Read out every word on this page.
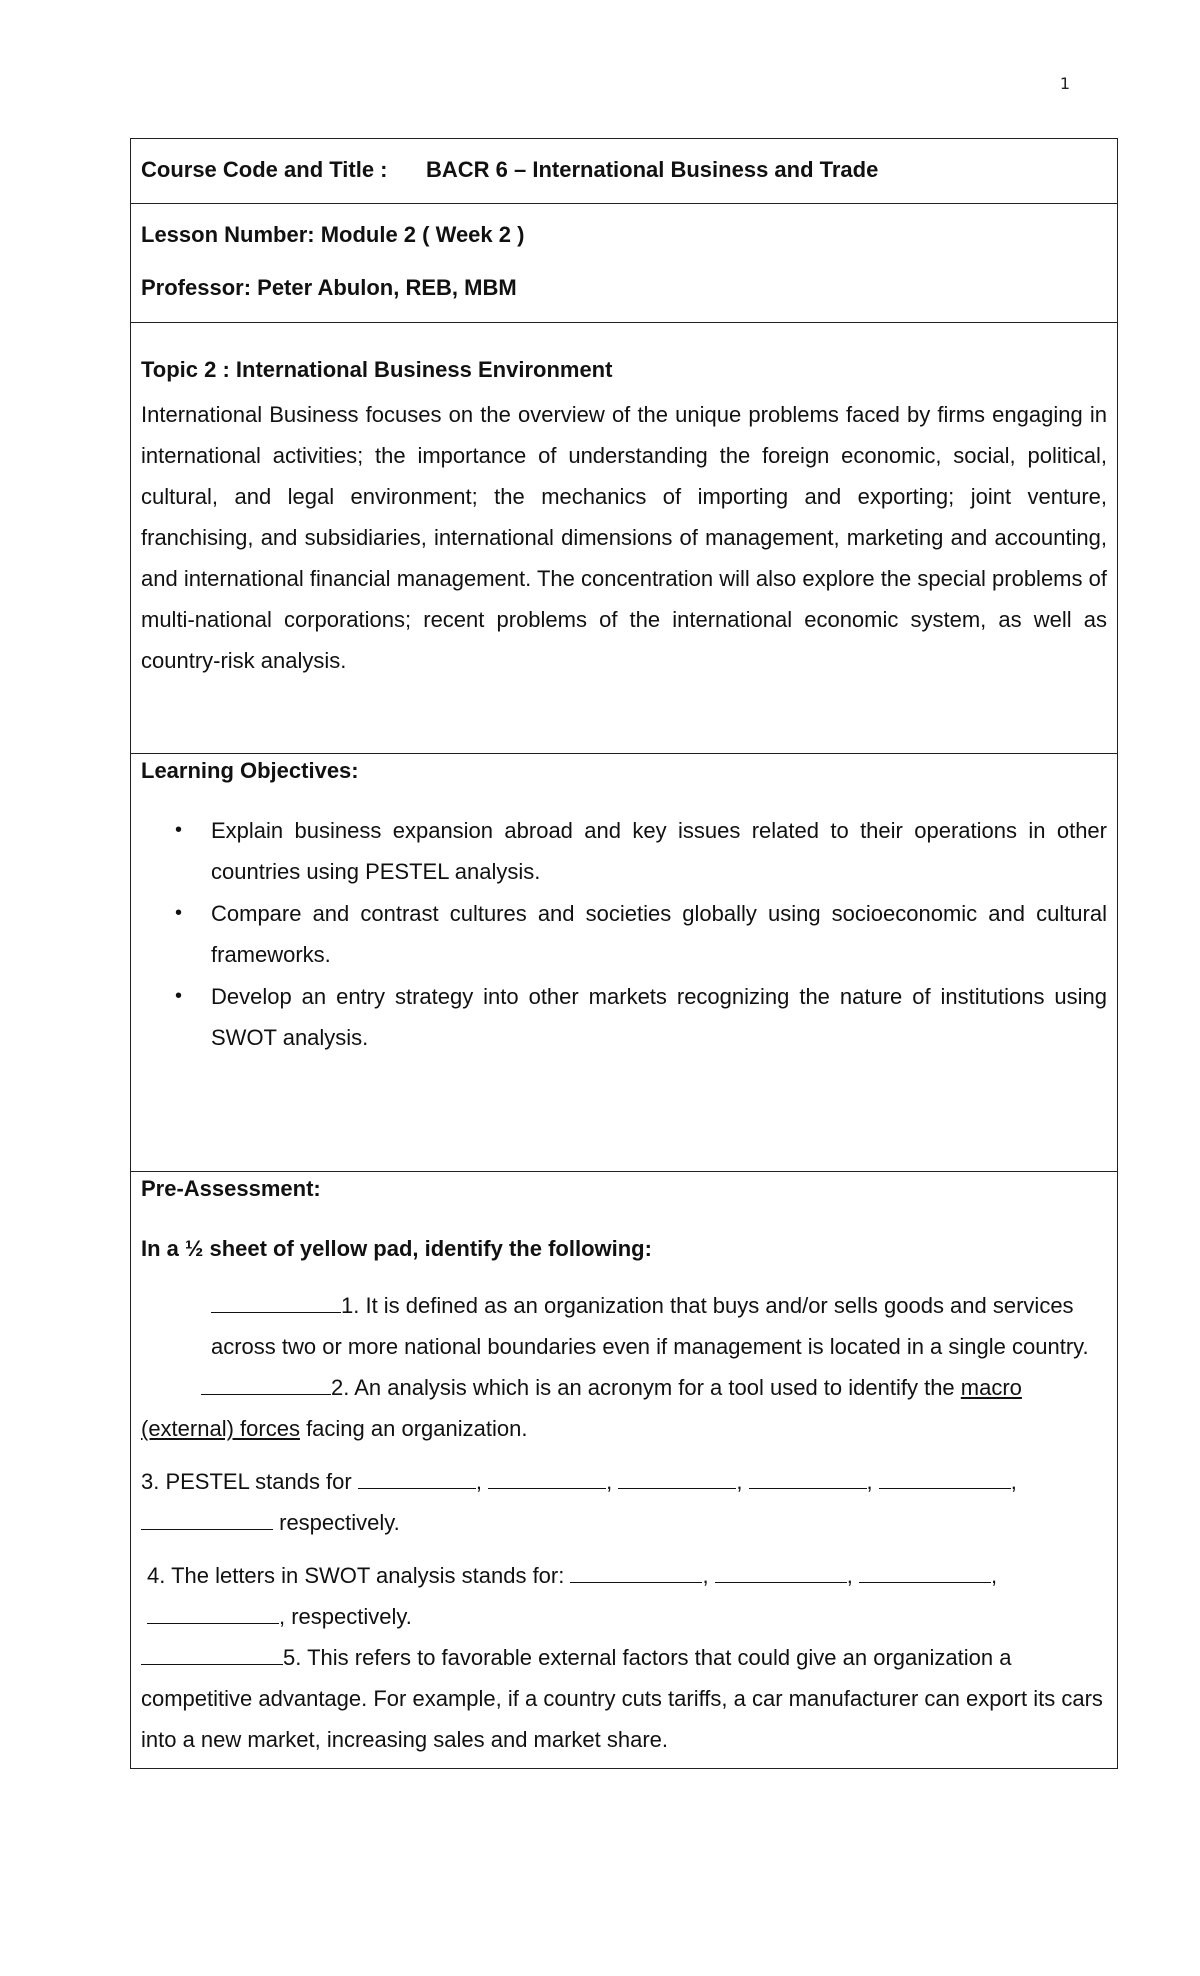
1
Course Code and Title : BACR 6 – International Business and Trade
Lesson Number: Module 2 ( Week 2 )
Professor: Peter Abulon, REB, MBM
Topic 2 : International Business Environment

International Business focuses on the overview of the unique problems faced by firms engaging in international activities; the importance of understanding the foreign economic, social, political, cultural, and legal environment; the mechanics of importing and exporting; joint venture, franchising, and subsidiaries, international dimensions of management, marketing and accounting, and international financial management. The concentration will also explore the special problems of multi-national corporations; recent problems of the international economic system, as well as country-risk analysis.

Learning Objectives:
• Explain business expansion abroad and key issues related to their operations in other countries using PESTEL analysis.
• Compare and contrast cultures and societies globally using socioeconomic and cultural frameworks.
• Develop an entry strategy into other markets recognizing the nature of institutions using SWOT analysis.
Pre-Assessment:
In a ½ sheet of yellow pad, identify the following:
1. It is defined as an organization that buys and/or sells goods and services across two or more national boundaries even if management is located in a single country.
2. An analysis which is an acronym for a tool used to identify the macro (external) forces facing an organization.
3. PESTEL stands for	,	,	,	,	,  respectively.
4. The letters in SWOT analysis stands for:	,	,	, , respectively.
5. This refers to favorable external factors that could give an organization a competitive advantage. For example, if a country cuts tariffs, a car manufacturer can export its cars into a new market, increasing sales and market share.
